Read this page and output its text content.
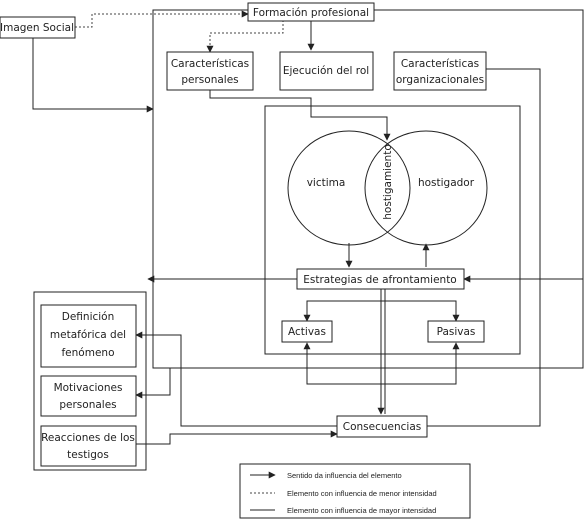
Imagen Social
Formación profesional
Características
personales
Ejecución del rol
Características
organizacionales
victima	hostigador
hostigamiento
Estrategias de afrontamiento
Activas	Pasivas
Definición
metafórica del
fenómeno
Motivaciones
personales
Reacciones de los
testigos
Consecuencias
Sentido da influencia del elemento
Elemento con influencia de menor intensidad
Elemento con influencia de mayor intensidad
